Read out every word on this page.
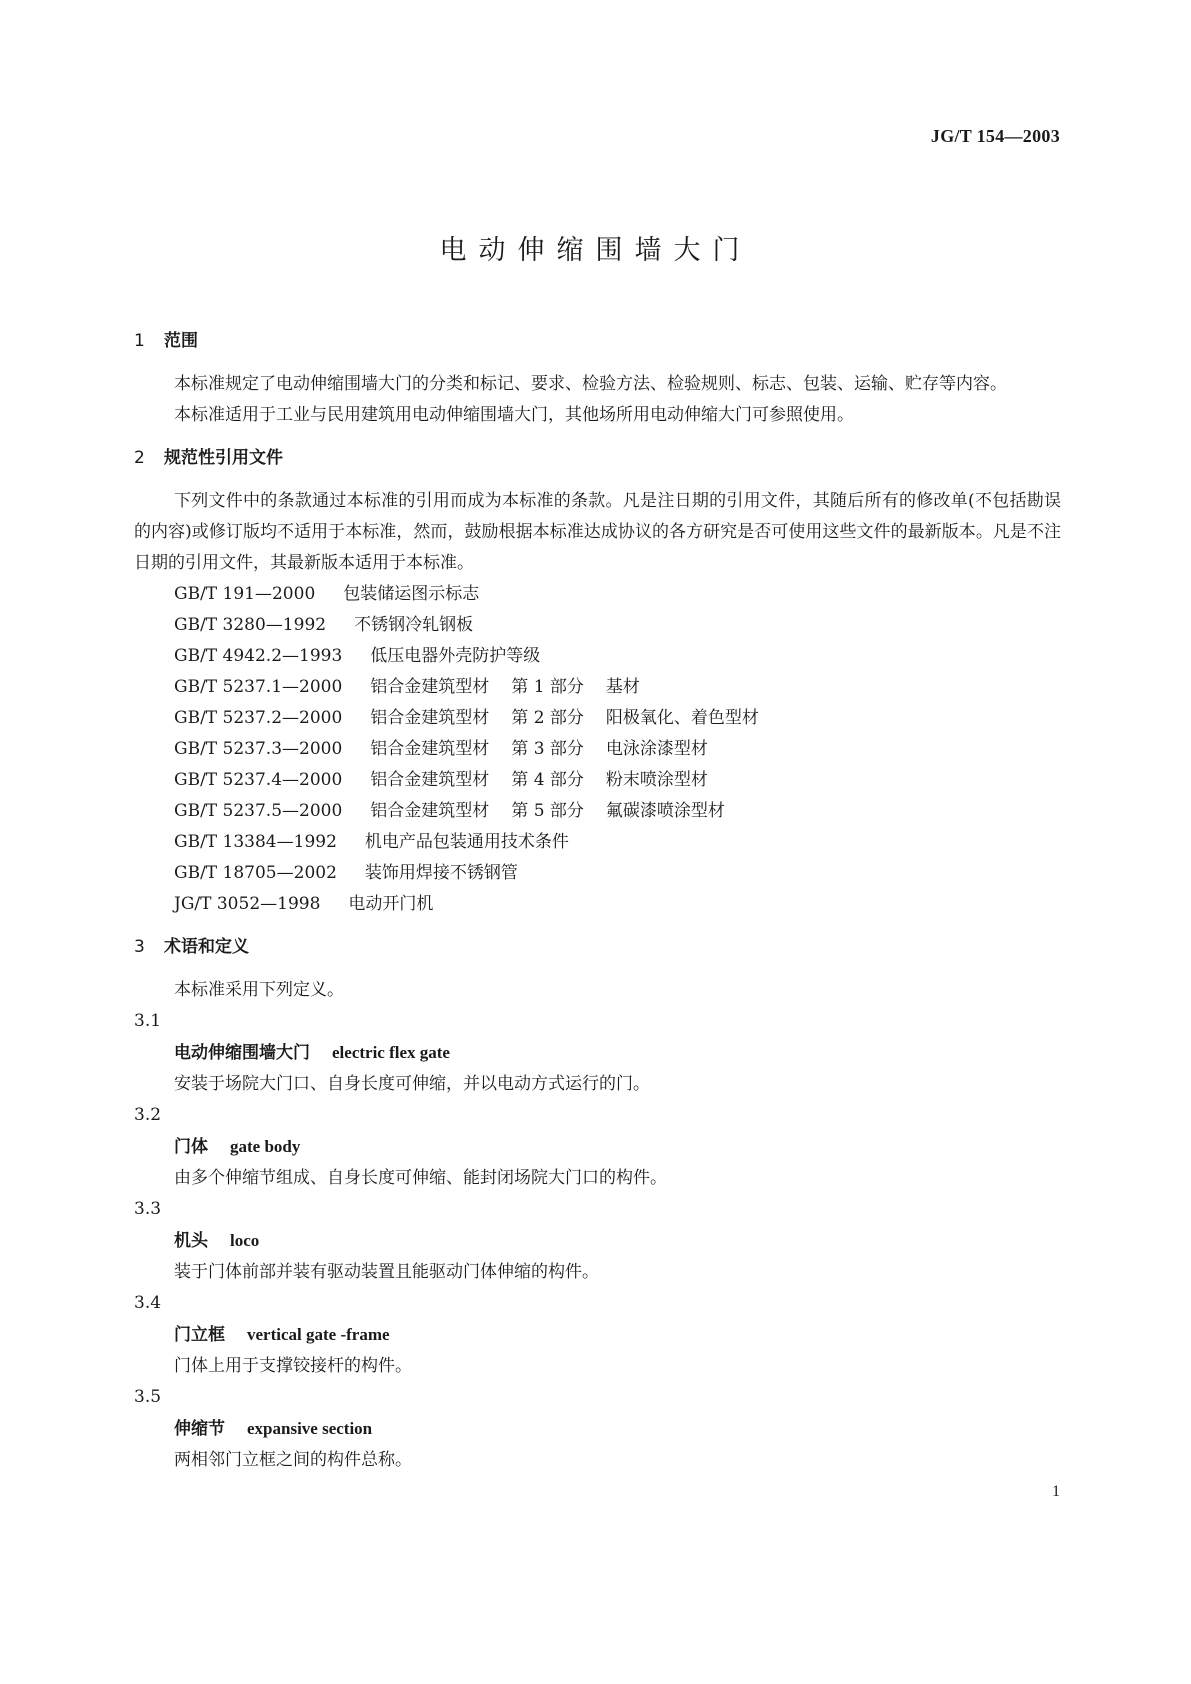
JG/T 154—2003
电动伸缩围墙大门
1 范围

本标准规定了电动伸缩围墙大门的分类和标记、要求、检验方法、检验规则、标志、包装、运输、贮存等内容。

本标准适用于工业与民用建筑用电动伸缩围墙大门，其他场所用电动伸缩大门可参照使用。

2 规范性引用文件

下列文件中的条款通过本标准的引用而成为本标准的条款。凡是注日期的引用文件，其随后所有的修改单(不包括勘误的内容)或修订版均不适用于本标准，然而，鼓励根据本标准达成协议的各方研究是否可使用这些文件的最新版本。凡是不注日期的引用文件，其最新版本适用于本标准。

GB/T 191—2000 包装储运图示标志
GB/T 3280—1992 不锈钢冷轧钢板
GB/T 4942.2—1993 低压电器外壳防护等级
GB/T 5237.1—2000 铝合金建筑型材 第 1 部分 基材
GB/T 5237.2—2000 铝合金建筑型材 第 2 部分 阳极氧化、着色型材
GB/T 5237.3—2000 铝合金建筑型材 第 3 部分 电泳涂漆型材
GB/T 5237.4—2000 铝合金建筑型材 第 4 部分 粉末喷涂型材
GB/T 5237.5—2000 铝合金建筑型材 第 5 部分 氟碳漆喷涂型材
GB/T 13384—1992 机电产品包装通用技术条件
GB/T 18705—2002 装饰用焊接不锈钢管
JG/T 3052—1998 电动开门机
3 术语和定义

本标准采用下列定义。

3.1
电动伸缩围墙大门 electric flex gate
安装于场院大门口、自身长度可伸缩，并以电动方式运行的门。
3.2
门体 gate body
由多个伸缩节组成、自身长度可伸缩、能封闭场院大门口的构件。
3.3
机头 loco
装于门体前部并装有驱动装置且能驱动门体伸缩的构件。
3.4
门立框 vertical gate -frame
门体上用于支撑铰接杆的构件。
3.5
伸缩节 expansive section
两相邻门立框之间的构件总称。
1
